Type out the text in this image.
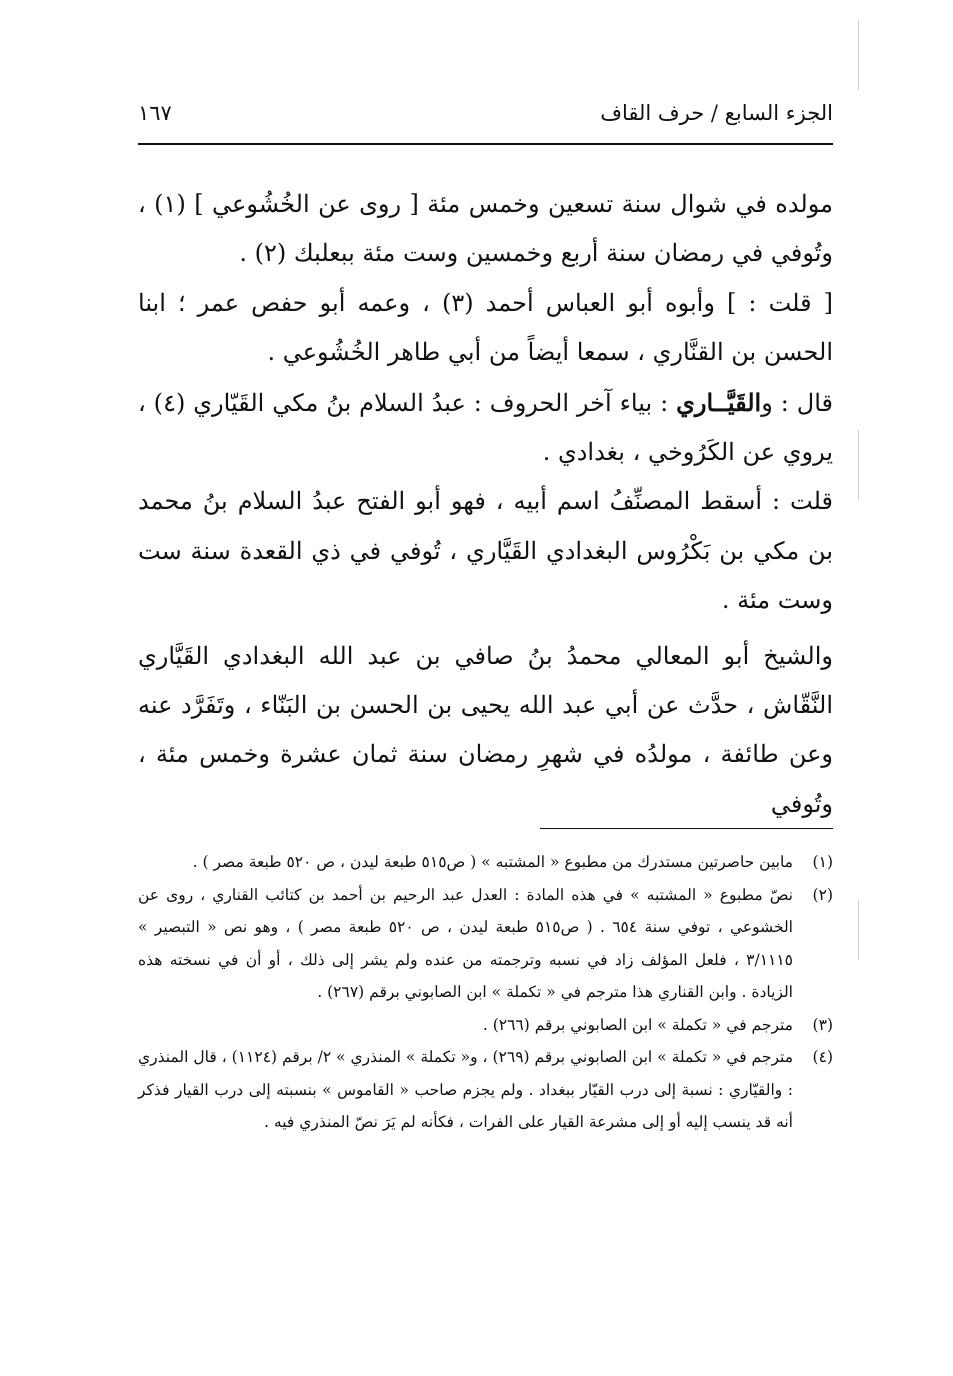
الجزء السابع / حرف القاف
١٦٧

مولده في شوال سنة تسعين وخمس مئة [ روى عن الخُشُوعي ] (١) ، وتُوفي في رمضان سنة أربع وخمسين وست مئة ببعلبك (٢) .

[ قلت : ] وأبوه أبو العباس أحمد (٣) ، وعمه أبو حفص عمر ؛ ابنا الحسن بن القنَّاري ، سمعا أيضاً من أبي طاهر الخُشُوعي .

قال : والقَيَّــاري : بياء آخر الحروف : عبدُ السلام بنُ مكي القَيّاري (٤) ، يروي عن الكَرُوخي ، بغدادي .

قلت : أسقط المصنِّفُ اسم أبيه ، فهو أبو الفتح عبدُ السلام بنُ محمد بن مكي بن بَكْرُوس البغدادي القَيَّاري ، تُوفي في ذي القعدة سنة ست وست مئة .

والشيخ أبو المعالي محمدُ بنُ صافي بن عبد الله البغدادي القَيَّاري النَّقّاش ، حدَّث عن أبي عبد الله يحيى بن الحسن بن البَنّاء ، وتَفَرَّد عنه وعن طائفة ، مولدُه في شهرِ رمضان سنة ثمان عشرة وخمس مئة ، وتُوفي

(١)
مابين حاصرتين مستدرك من مطبوع « المشتبه » ( ص٥١٥ طبعة ليدن ، ص ٥٢٠ طبعة مصر ) .

(٢)
نصّ مطبوع « المشتبه » في هذه المادة : العدل عبد الرحيم بن أحمد بن كتائب القناري ، روى عن الخشوعي ، توفي سنة ٦٥٤ . ( ص٥١٥ طبعة ليدن ، ص ٥٢٠ طبعة مصر ) ، وهو نص « التبصير » ٣/١١١٥ ، فلعل المؤلف زاد في نسبه وترجمته من عنده ولم يشر إلى ذلك ، أو أن في نسخته هذه الزيادة . وابن القناري هذا مترجم في « تكملة » ابن الصابوني برقم (٢٦٧) .

(٣)
مترجم في « تكملة » ابن الصابوني برقم (٢٦٦) .

(٤)
مترجم في « تكملة » ابن الصابوني برقم (٢٦٩) ، و« تكملة » المنذري » ٢/ برقم (١١٢٤) ، قال المنذري : والقيّاري : نسبة إلى درب القيّار ببغداد . ولم يجزم صاحب « القاموس » بنسبته إلى درب القيار فذكر أنه قد ينسب إليه أو إلى مشرعة القيار على الفرات ، فكأنه لم يَرَ نصّ المنذري فيه .
